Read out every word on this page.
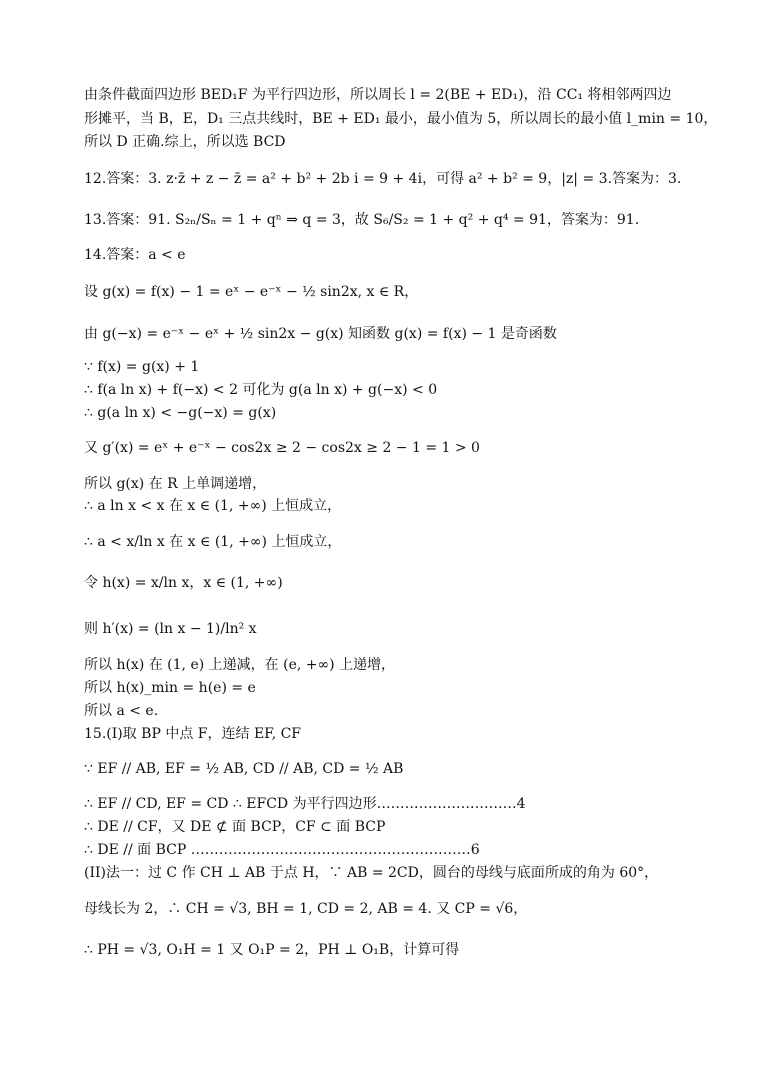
由条件截面四边形 BED₁F 为平行四边形，所以周长 l = 2(BE + ED₁)，沿 CC₁ 将相邻两四边
形摊平，当 B，E，D₁ 三点共线时，BE + ED₁ 最小，最小值为 5，所以周长的最小值 l_min = 10，
所以 D 正确.综上，所以选 BCD
12.答案：3. z·z̄ + z − z̄ = a² + b² + 2b i = 9 + 4i，可得 a² + b² = 9，|z| = 3.答案为：3.
13.答案：91. S₂ₙ/Sₙ = 1 + qⁿ ⇒ q = 3，故 S₆/S₂ = 1 + q² + q⁴ = 91，答案为：91.
14.答案：a < e
设 g(x) = f(x) − 1 = eˣ − e⁻ˣ − ½ sin2x, x ∈ R，
由 g(−x) = e⁻ˣ − eˣ + ½ sin2x − g(x) 知函数 g(x) = f(x) − 1 是奇函数
∵ f(x) = g(x) + 1
∴ f(a ln x) + f(−x) < 2 可化为 g(a ln x) + g(−x) < 0
∴ g(a ln x) < −g(−x) = g(x)
又 g′(x) = eˣ + e⁻ˣ − cos2x ≥ 2 − cos2x ≥ 2 − 1 = 1 > 0
所以 g(x) 在 R 上单调递增，
∴ a ln x < x 在 x ∈ (1, +∞) 上恒成立，
∴ a < x/ln x 在 x ∈ (1, +∞) 上恒成立，
令 h(x) = x/ln x，x ∈ (1, +∞)
则 h′(x) = (ln x − 1)/ln² x
所以 h(x) 在 (1, e) 上递减，在 (e, +∞) 上递增，
所以 h(x)_min = h(e) = e
所以 a < e.
15.(I)取 BP 中点 F，连结 EF, CF
∵ EF // AB, EF = ½ AB, CD // AB, CD = ½ AB
∴ EF // CD, EF = CD ∴ EFCD 为平行四边形…………………………4
∴ DE // CF，又 DE ⊄ 面 BCP，CF ⊂ 面 BCP
∴ DE // 面 BCP ……………………………………………………6
(II)法一：过 C 作 CH ⊥ AB 于点 H，∵ AB = 2CD，圆台的母线与底面所成的角为 60°，
母线长为 2，∴ CH = √3, BH = 1, CD = 2, AB = 4. 又 CP = √6，
∴ PH = √3, O₁H = 1 又 O₁P = 2，PH ⊥ O₁B，计算可得
